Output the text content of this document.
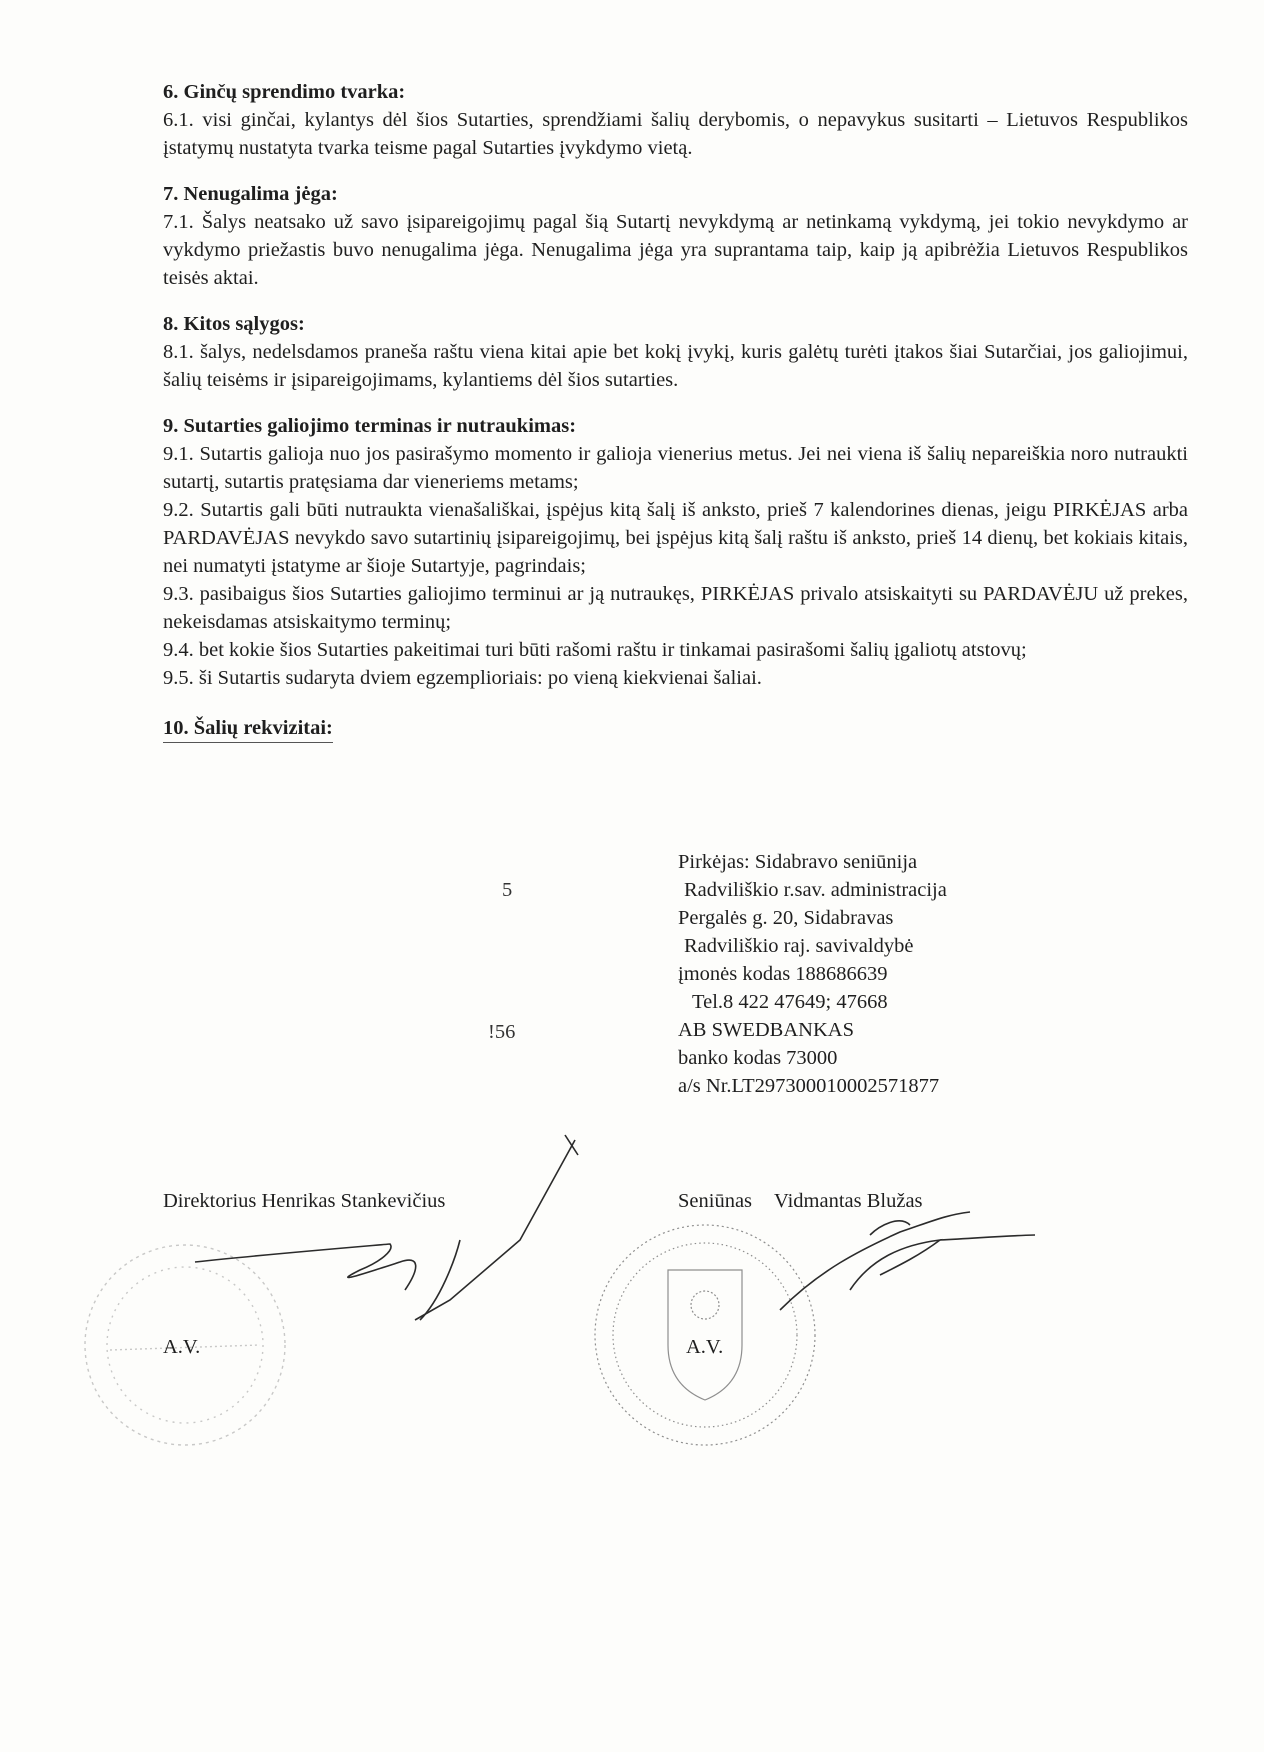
6. Ginčų sprendimo tvarka:

6.1. visi ginčai, kylantys dėl šios Sutarties, sprendžiami šalių derybomis, o nepavykus susitarti – Lietuvos Respublikos įstatymų nustatyta tvarka teisme pagal Sutarties įvykdymo vietą.

7. Nenugalima jėga:

7.1. Šalys neatsako už savo įsipareigojimų pagal šią Sutartį nevykdymą ar netinkamą vykdymą, jei tokio nevykdymo ar vykdymo priežastis buvo nenugalima jėga. Nenugalima jėga yra suprantama taip, kaip ją apibrėžia Lietuvos Respublikos teisės aktai.

8. Kitos sąlygos:

8.1. šalys, nedelsdamos praneša raštu viena kitai apie bet kokį įvykį, kuris galėtų turėti įtakos šiai Sutarčiai, jos galiojimui, šalių teisėms ir įsipareigojimams, kylantiems dėl šios sutarties.

9. Sutarties galiojimo terminas ir nutraukimas:

9.1. Sutartis galioja nuo jos pasirašymo momento ir galioja vienerius metus. Jei nei viena iš šalių nepareiškia noro nutraukti sutartį, sutartis pratęsiama dar vieneriems metams;

9.2. Sutartis gali būti nutraukta vienašališkai, įspėjus kitą šalį iš anksto, prieš 7 kalendorines dienas, jeigu PIRKĖJAS arba PARDAVĖJAS nevykdo savo sutartinių įsipareigojimų, bei įspėjus kitą šalį raštu iš anksto, prieš 14 dienų, bet kokiais kitais, nei numatyti įstatyme ar šioje Sutartyje, pagrindais;

9.3. pasibaigus šios Sutarties galiojimo terminui ar ją nutraukęs, PIRKĖJAS privalo atsiskaityti su PARDAVĖJU už prekes, nekeisdamas atsiskaitymo terminų;

9.4. bet kokie šios Sutarties pakeitimai turi būti rašomi raštu ir tinkamai pasirašomi šalių įgaliotų atstovų;

9.5. ši Sutartis sudaryta dviem egzemplioriais: po vieną kiekvienai šaliai.

10. Šalių rekvizitai:
5
!56
Pirkėjas: Sidabravo seniūnija
Radviliškio r.sav. administracija
Pergalės g. 20, Sidabravas
Radviliškio raj. savivaldybė
įmonės kodas 188686639
Tel.8 422 47649; 47668
AB SWEDBANKAS
banko kodas 73000
a/s Nr.LT297300010002571877
Direktorius Henrikas Stankevičius	Seniūnas Vidmantas Blužas
A.V.	A.V.
